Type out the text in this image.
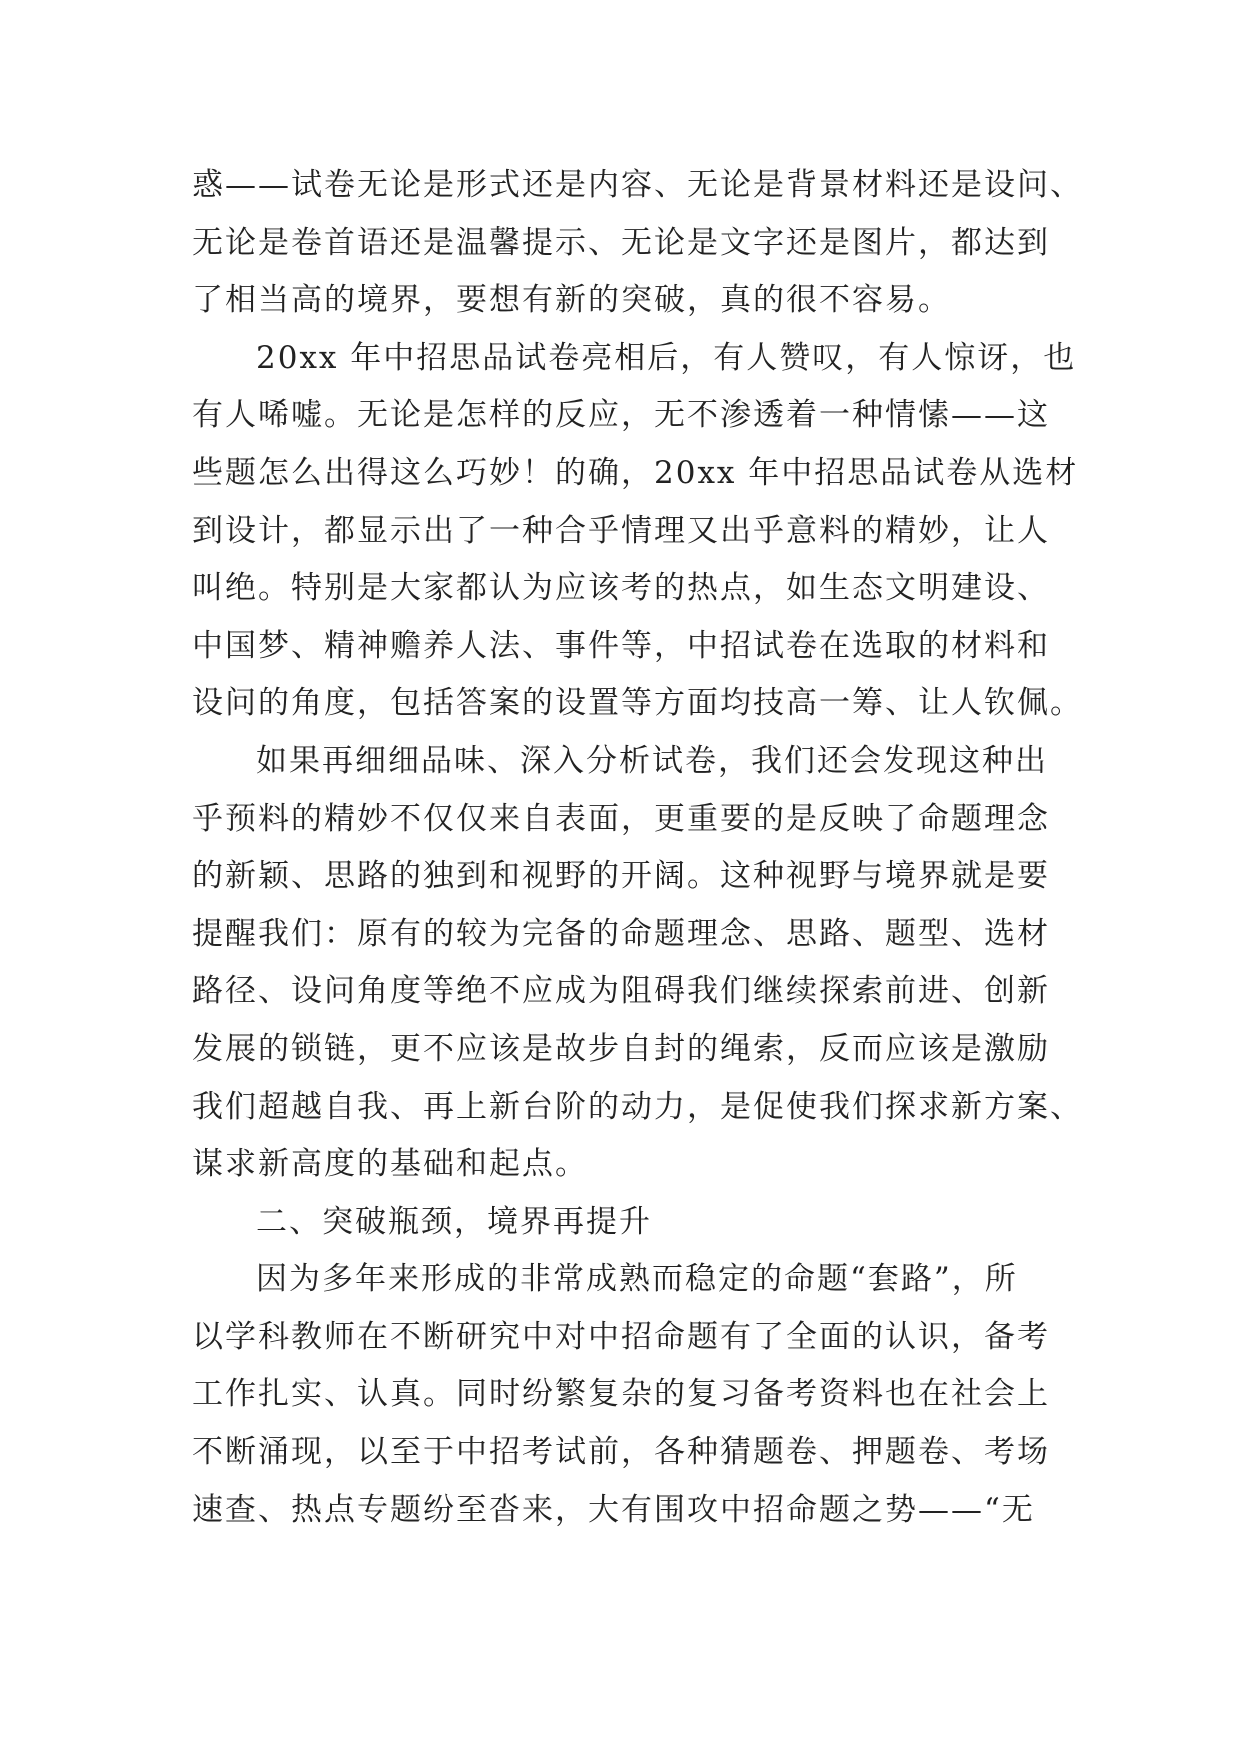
惑——试卷无论是形式还是内容、无论是背景材料还是设问、
无论是卷首语还是温馨提示、无论是文字还是图片，都达到
了相当高的境界，要想有新的突破，真的很不容易。
20xx 年中招思品试卷亮相后，有人赞叹，有人惊讶，也
有人唏嘘。无论是怎样的反应，无不渗透着一种情愫——这
些题怎么出得这么巧妙！的确，20xx 年中招思品试卷从选材
到设计，都显示出了一种合乎情理又出乎意料的精妙，让人
叫绝。特别是大家都认为应该考的热点，如生态文明建设、
中国梦、精神赡养人法、事件等，中招试卷在选取的材料和
设问的角度，包括答案的设置等方面均技高一筹、让人钦佩。
如果再细细品味、深入分析试卷，我们还会发现这种出
乎预料的精妙不仅仅来自表面，更重要的是反映了命题理念
的新颖、思路的独到和视野的开阔。这种视野与境界就是要
提醒我们：原有的较为完备的命题理念、思路、题型、选材
路径、设问角度等绝不应成为阻碍我们继续探索前进、创新
发展的锁链，更不应该是故步自封的绳索，反而应该是激励
我们超越自我、再上新台阶的动力，是促使我们探求新方案、
谋求新高度的基础和起点。
二、突破瓶颈，境界再提升
因为多年来形成的非常成熟而稳定的命题“套路”，所
以学科教师在不断研究中对中招命题有了全面的认识，备考
工作扎实、认真。同时纷繁复杂的复习备考资料也在社会上
不断涌现，以至于中招考试前，各种猜题卷、押题卷、考场
速查、热点专题纷至沓来，大有围攻中招命题之势——“无
